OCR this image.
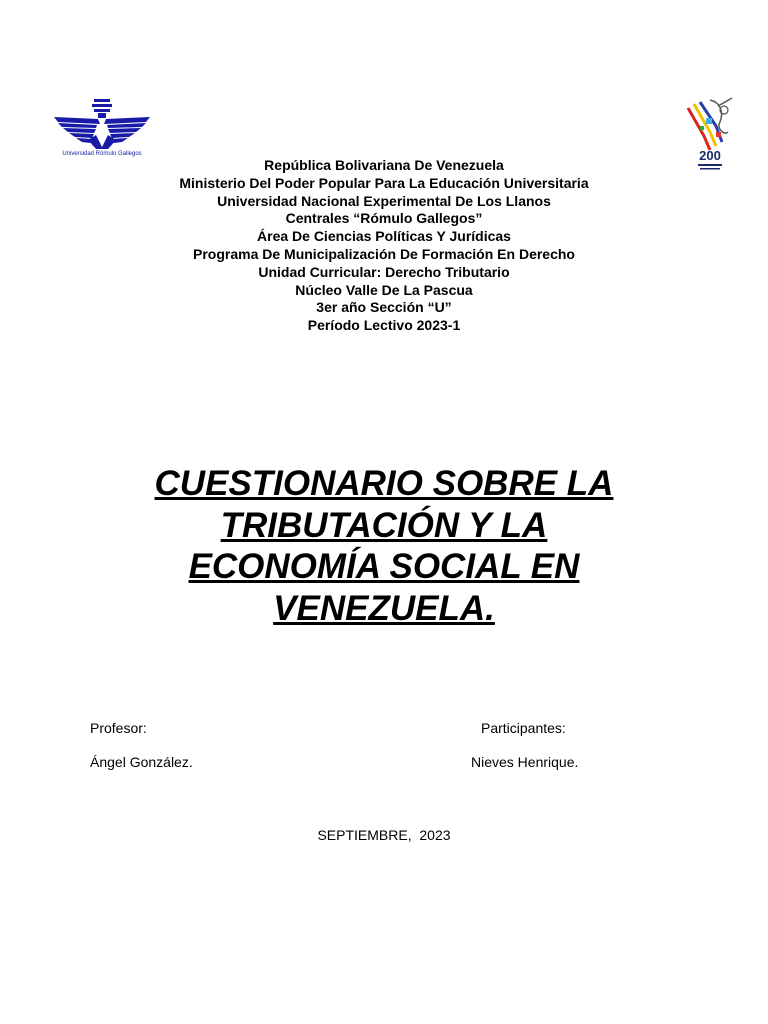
Universidad Rómulo Gallegos	200
República Bolivariana De Venezuela
Ministerio Del Poder Popular Para La Educación Universitaria
Universidad Nacional Experimental De Los Llanos
Centrales “Rómulo Gallegos”
Área De Ciencias Políticas Y Jurídicas
Programa De Municipalización De Formación En Derecho
Unidad Curricular: Derecho Tributario
Núcleo Valle De La Pascua
3er año Sección “U”
Período Lectivo 2023-1
CUESTIONARIO SOBRE LA
TRIBUTACIÓN Y LA
ECONOMÍA SOCIAL EN
VENEZUELA.
Profesor:
Ángel González.
Participantes:
Nieves Henrique.
SEPTIEMBRE,  2023
